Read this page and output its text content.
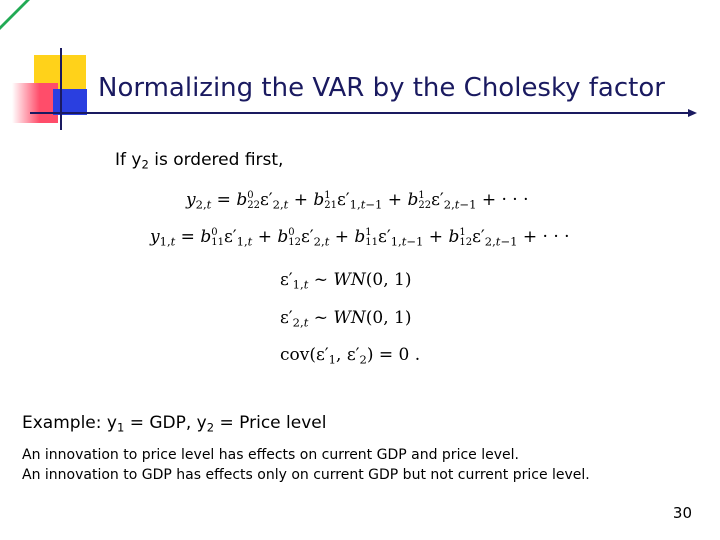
Normalizing the VAR by the Cholesky factor
If $y_2$ is ordered first,
$y_{2,t} = b$ 0
22 $\varepsilon'_{2,t} + b$ 1
21 $\varepsilon'_{1,t-1} + b$ 1
22 $\varepsilon'_{2,t-1}$ + · · ·
$y_{1,t} = b$ 0
11 $\varepsilon'_{1,t} + b$ 0
12 $\varepsilon'_{2,t} + b$ 1
11 $\varepsilon'_{1,t-1} + b$ 1
12 $\varepsilon'_{2,t-1}$ + · · ·
$\varepsilon'_{1,t}$ ~ WN(0, 1)
$\varepsilon'_{2,t}$ ~ WN(0, 1)
$cov(\varepsilon'_1$, $\varepsilon'_2) = 0$ .
Example: $y_1$ = GDP, $y_2$ = Price level
An innovation to price level has effects on current GDP and price level.
An innovation to GDP has effects only on current GDP but not current price level.
30
